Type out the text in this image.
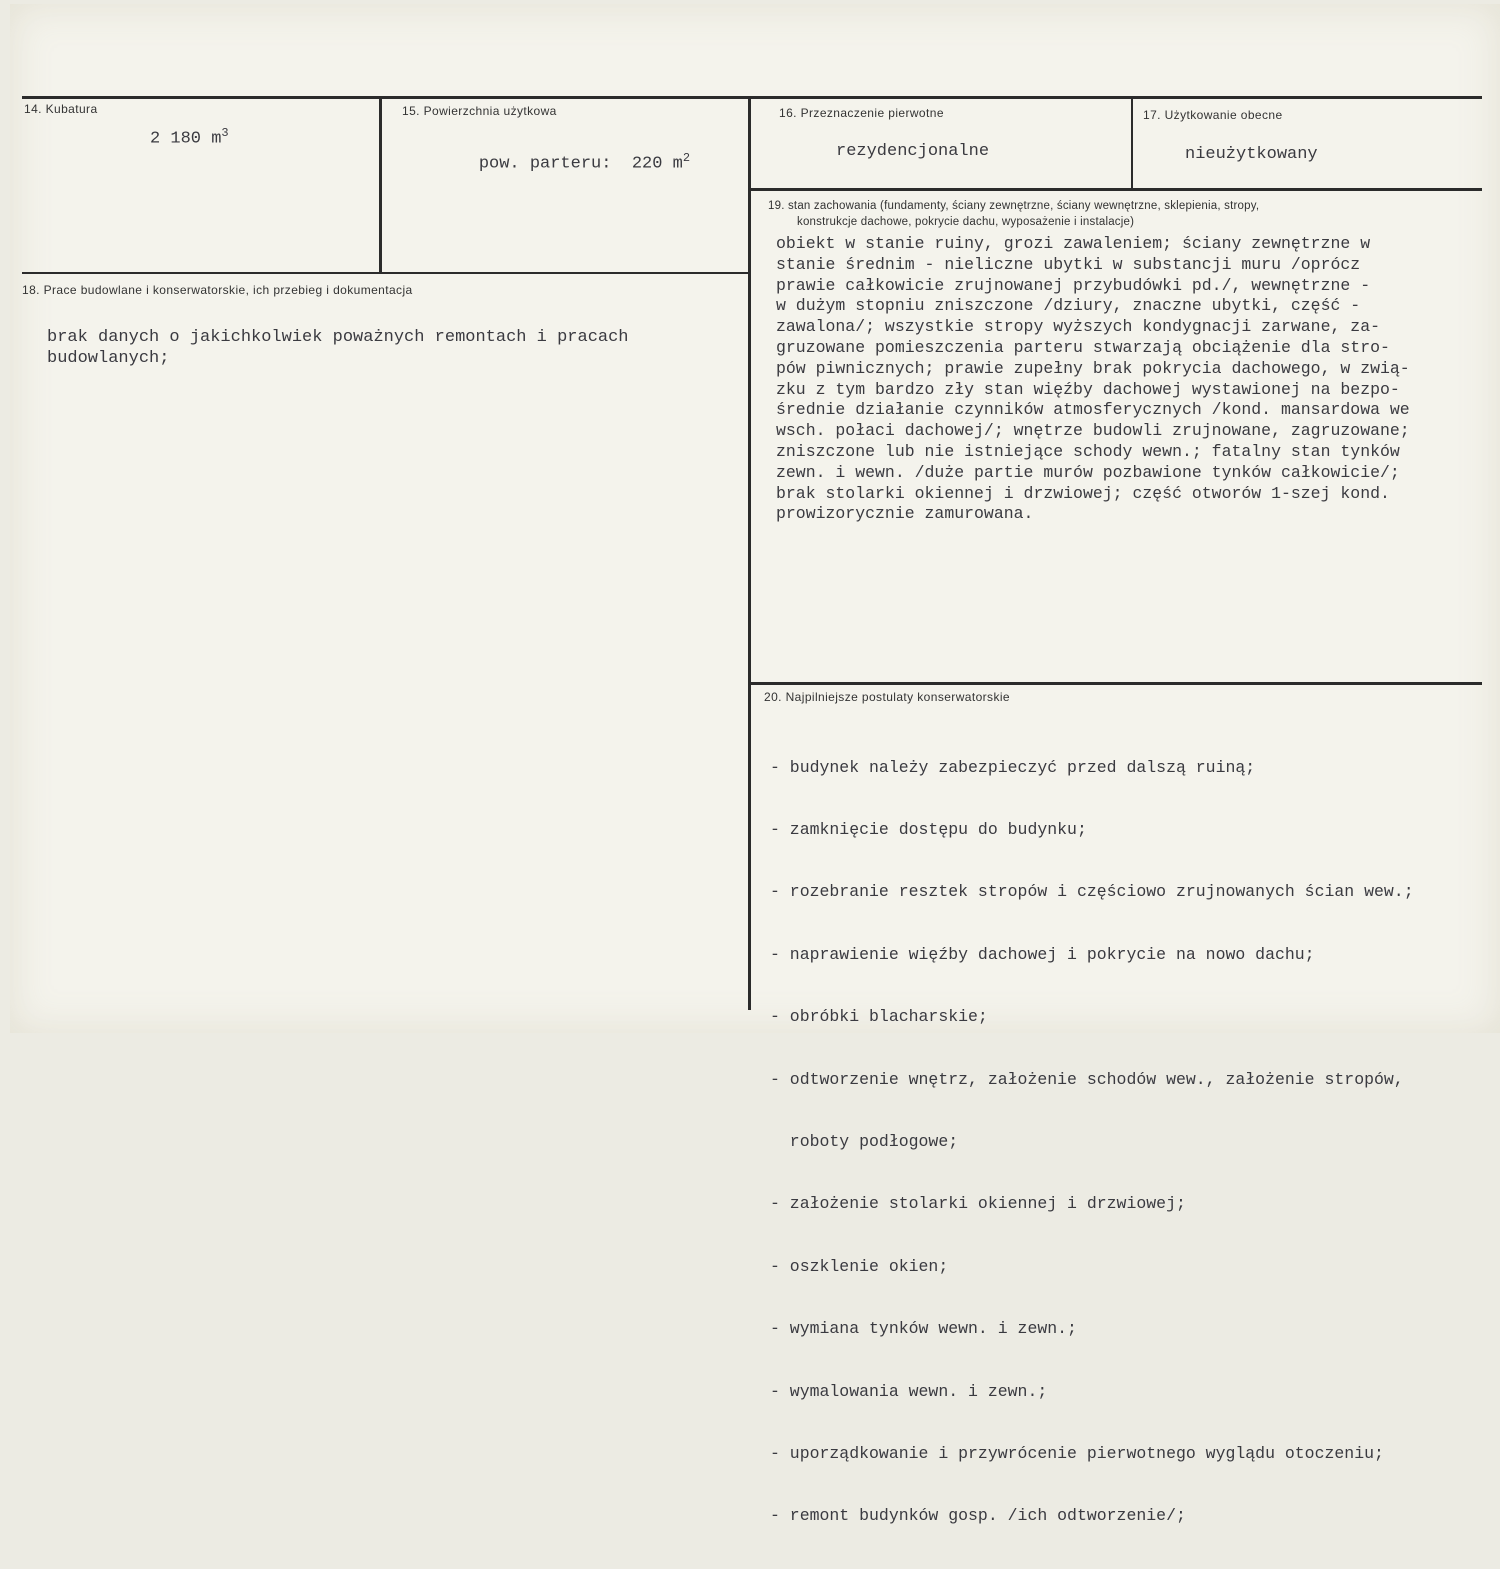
14. Kubatura
2 180 $m^3$
15. Powierzchnia użytkowa

pow. parteru:  220 $m^2$

16. Przeznaczenie pierwotne
rezydencjonalne
17. Użytkowanie obecne
nieużytkowany
18. Prace budowlane i konserwatorskie, ich przebieg i dokumentacja
brak danych o jakichkolwiek poważnych remontach i pracach
budowlanych;
19. stan zachowania (fundamenty, ściany zewnętrzne, ściany wewnętrzne, sklepienia, stropy,
konstrukcje dachowe, pokrycie dachu, wyposażenie i instalacje)
obiekt w stanie ruiny, grozi zawaleniem; ściany zewnętrzne w
stanie średnim - nieliczne ubytki w substancji muru /oprócz
prawie całkowicie zrujnowanej przybudówki pd./, wewnętrzne -
w dużym stopniu zniszczone /dziury, znaczne ubytki, część -
zawalona/; wszystkie stropy wyższych kondygnacji zarwane, za-
gruzowane pomieszczenia parteru stwarzają obciążenie dla stro-
pów piwnicznych; prawie zupełny brak pokrycia dachowego, w zwią-
zku z tym bardzo zły stan więźby dachowej wystawionej na bezpo-
średnie działanie czynników atmosferycznych /kond. mansardowa we
wsch. połaci dachowej/; wnętrze budowli zrujnowane, zagruzowane;
zniszczone lub nie istniejące schody wewn.; fatalny stan tynków
zewn. i wewn. /duże partie murów pozbawione tynków całkowicie/;
brak stolarki okiennej i drzwiowej; część otworów 1-szej kond.
prowizorycznie zamurowana.
20. Najpilniejsze postulaty konserwatorskie

- budynek należy zabezpieczyć przed dalszą ruiną;

- zamknięcie dostępu do budynku;

- rozebranie resztek stropów i częściowo zrujnowanych ścian wew.;

- naprawienie więźby dachowej i pokrycie na nowo dachu;

- obróbki blacharskie;

- odtworzenie wnętrz, założenie schodów wew., założenie stropów,

roboty podłogowe;

- założenie stolarki okiennej i drzwiowej;

- oszklenie okien;

- wymiana tynków wewn. i zewn.;

- wymalowania wewn. i zewn.;

- uporządkowanie i przywrócenie pierwotnego wyglądu otoczeniu;

- remont budynków gosp. /ich odtworzenie/;
